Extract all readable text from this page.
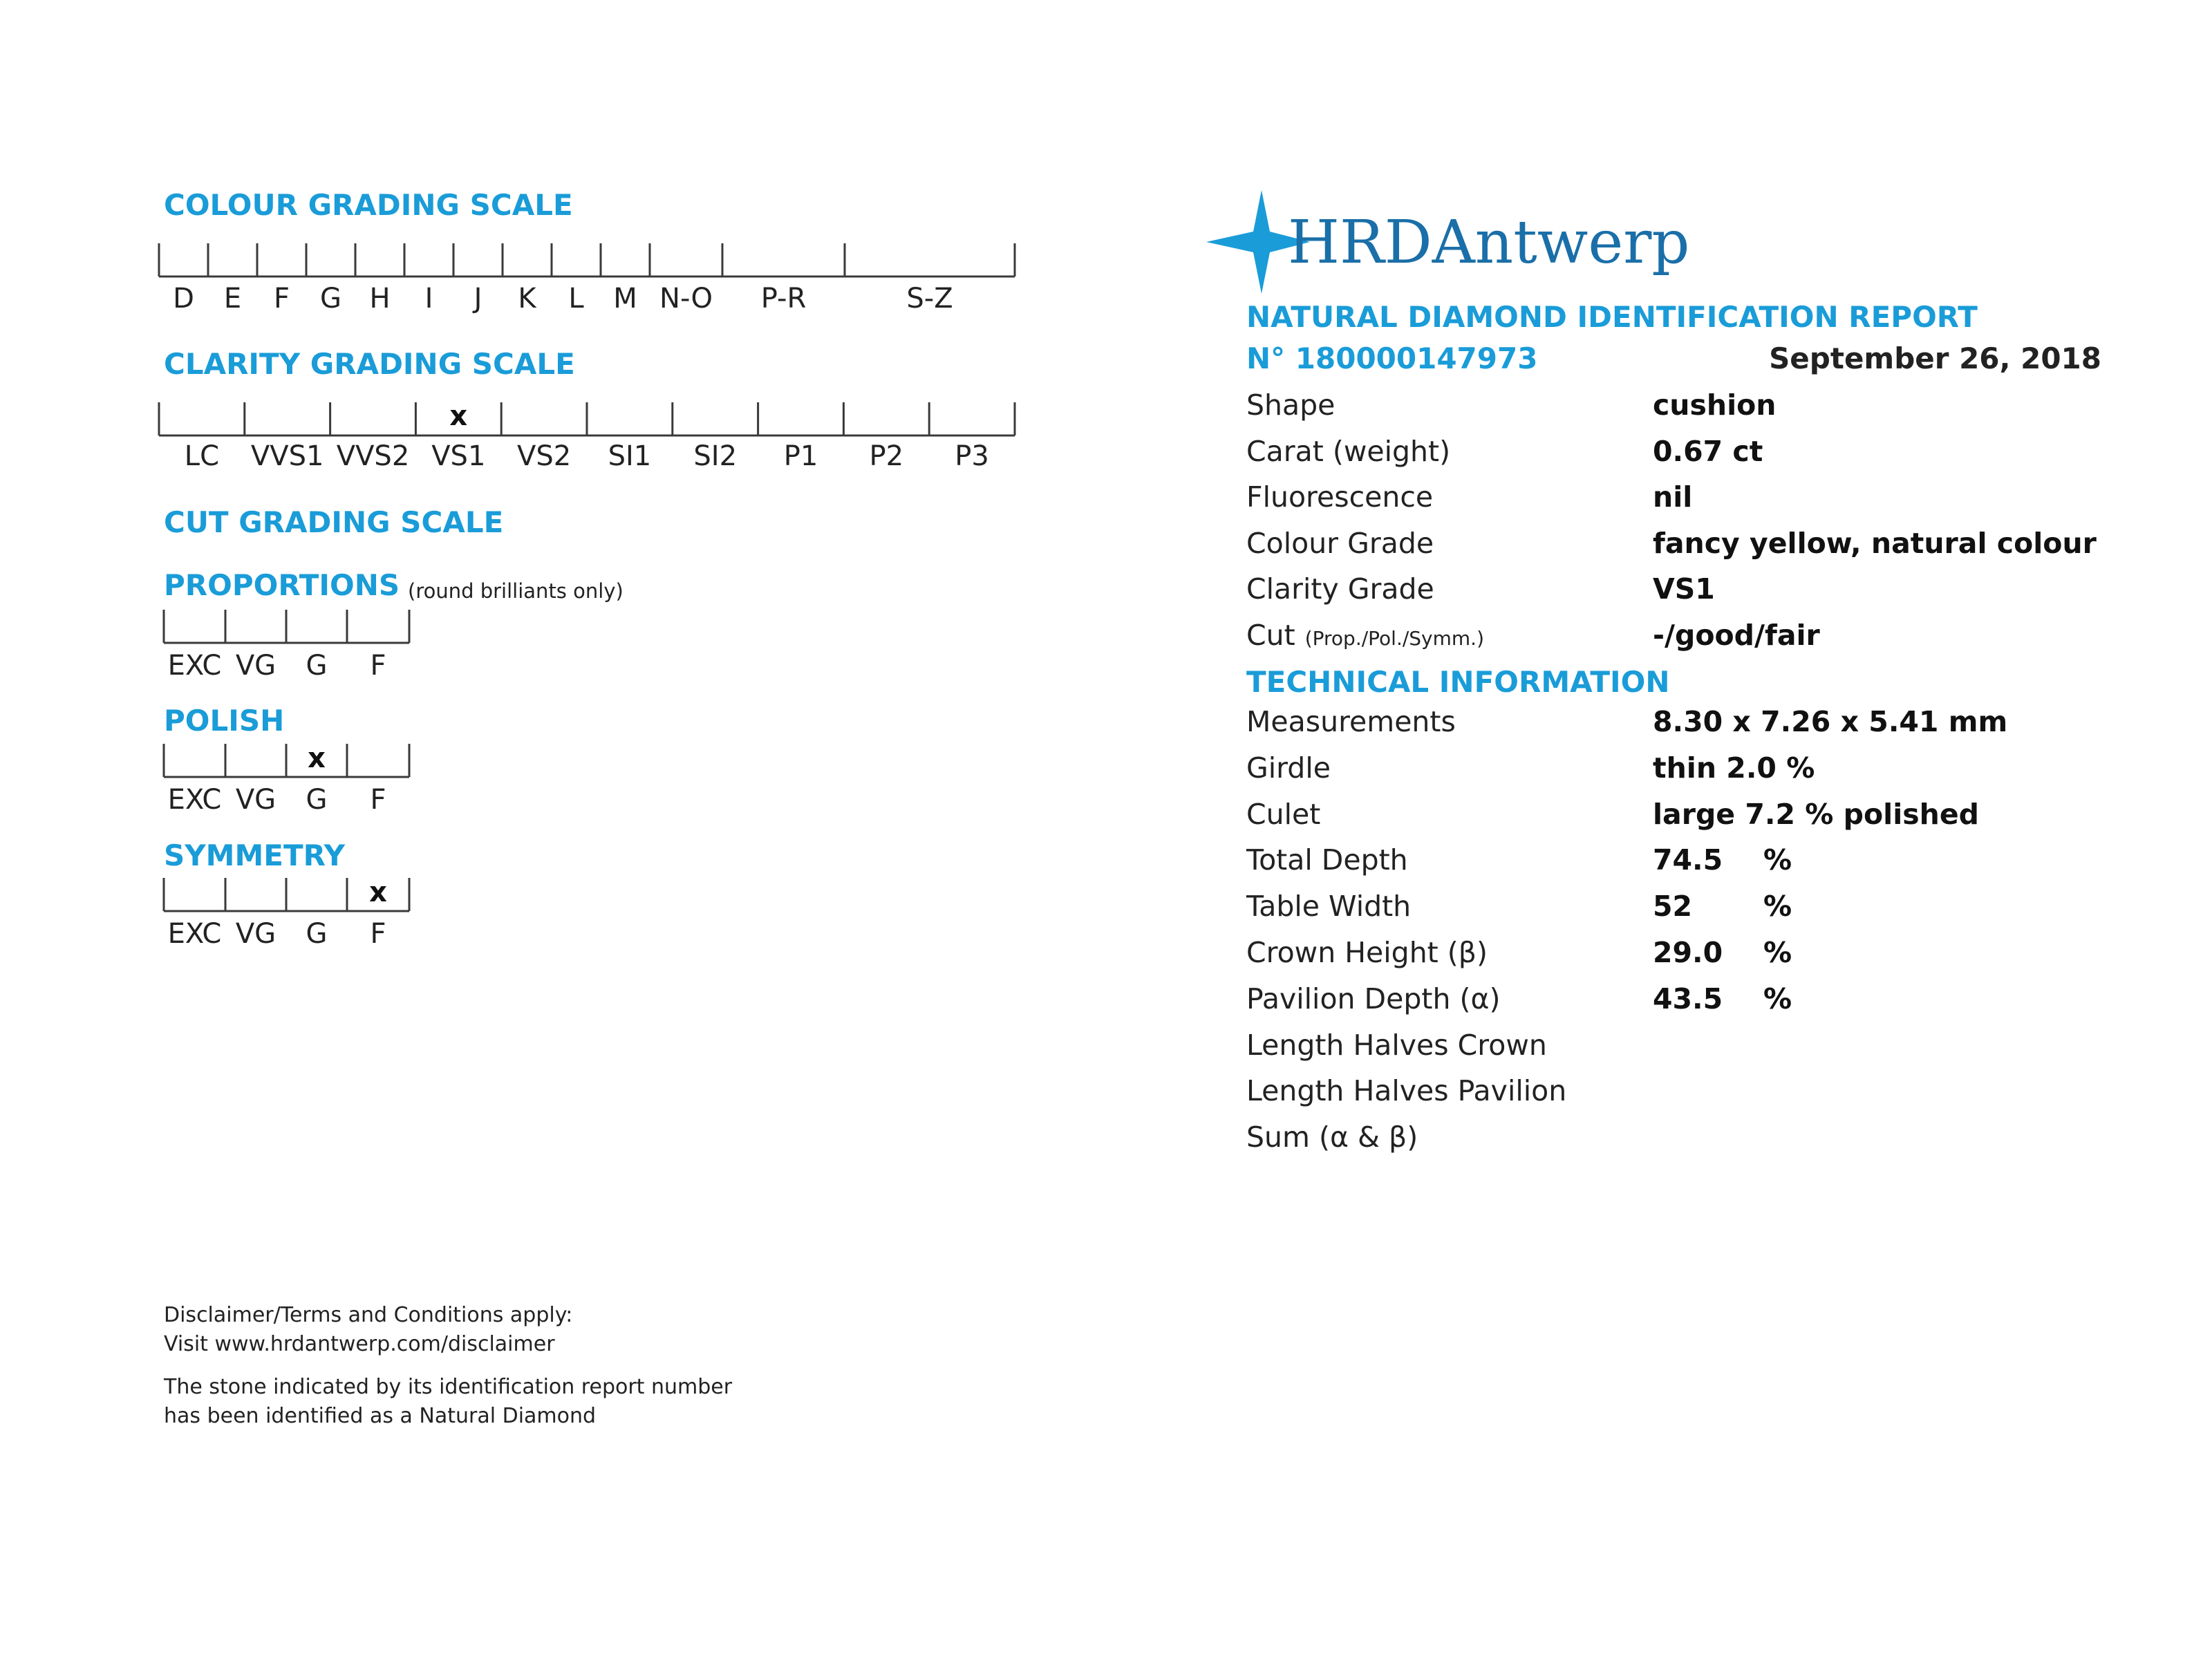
COLOUR GRADING SCALE
D E F G H I J K L M N-O P-R	S-Z
CLARITY GRADING SCALE
LC VVS1 VVS2 VS1
x
VS2 SI1 SI2 P1 P2 P3
CUT GRADING SCALE
PROPORTIONS (round brilliants only)
EXC VG G F
POLISH
EXC VG G
x
F
SYMMETRY
EXC VG G F
x
HRDAntwerp
NATURAL DIAMOND IDENTIFICATION REPORT
N° 180000147973	September 26, 2018
Shape	cushion
Carat (weight)	0.67 ct
Fluorescence	nil
Colour Grade	fancy yellow, natural colour
Clarity Grade	VS1
Cut (Prop./Pol./Symm.)	-/good/fair
TECHNICAL INFORMATION
Measurements	8.30 x 7.26 x 5.41 mm
Girdle	thin 2.0 %
Culet	large 7.2 % polished
Total Depth	74.5 %
Table Width	52	%
Crown Height (β)	29.0 %
Pavilion Depth (α)	43.5 %
Length Halves Crown
Length Halves Pavilion
Sum (α & β)
Disclaimer/Terms and Conditions apply:
Visit www.hrdantwerp.com/disclaimer
The stone indicated by its identification report number
has been identified as a Natural Diamond
